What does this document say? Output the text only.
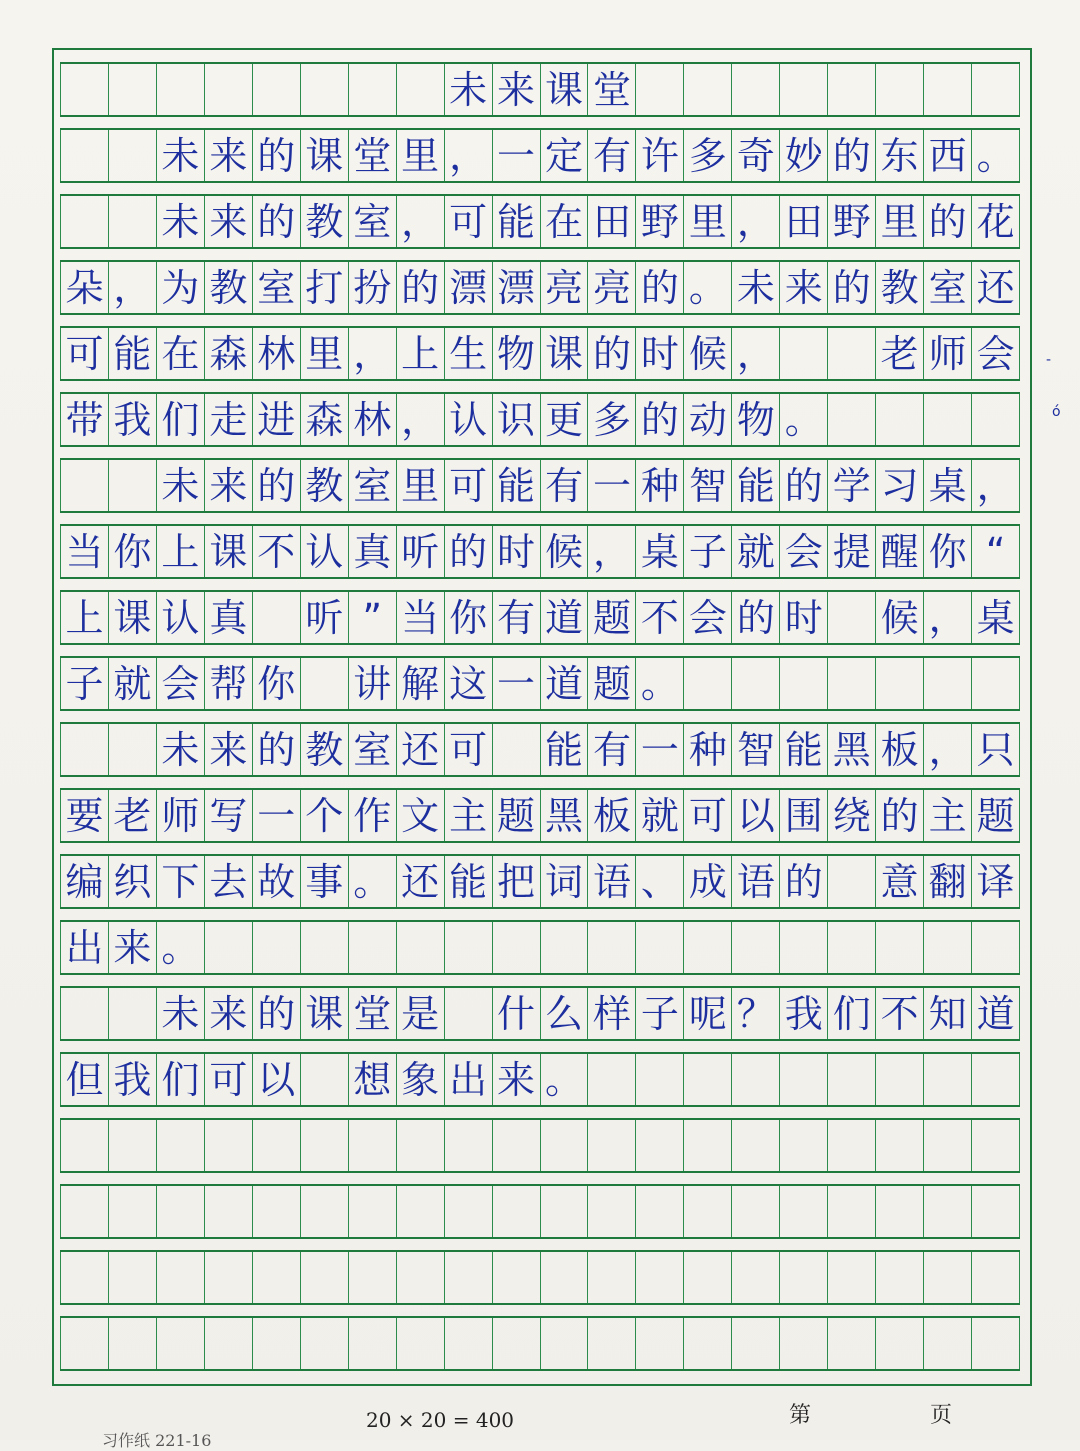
未 来 课 堂
未 来 的 课 堂 里 ， 一 定 有 许 多 奇 妙 的 东 西 。
未 来 的 教 室 ， 可 能 在 田 野 里 ， 田 野 里 的 花
朵 ， 为 教 室 打 扮 的 漂 漂 亮 亮 的 。 未 来 的 教 室 还
可 能 在 森 林 里 ， 上 生 物 课 的 时 候 ，	老 师 会
带 我 们 走 进 森 林 ， 认 识 更 多 的 动 物 。
未 来 的 教 室 里 可 能 有 一 种 智 能 的 学 习 桌 ，
当 你 上 课 不 认 真 听 的 时 候 ， 桌 子 就 会 提 醒 你 “
上 课 认 真 听 ” 当 你 有 道 题 不 会 的 时 候 ， 桌
子 就 会 帮 你 讲 解 这 一 道 题 。
未 来 的 教 室 还 可 能 有 一 种 智 能 黑 板 ， 只
要 老 师 写 一 个 作 文 主 题 黑 板 就 可 以 围 绕 的 主 题
编 织 下 去 故 事 。 还 能 把 词 语 、 成 语 的 意 翻 译
出 来 。
未 来 的 课 堂 是 什 么 样 子 呢 ？ 我 们 不 知 道
但 我 们 可 以 想 象 出 来 。
-
ó
第 页
20 × 20 = 400
习作纸 221-16
